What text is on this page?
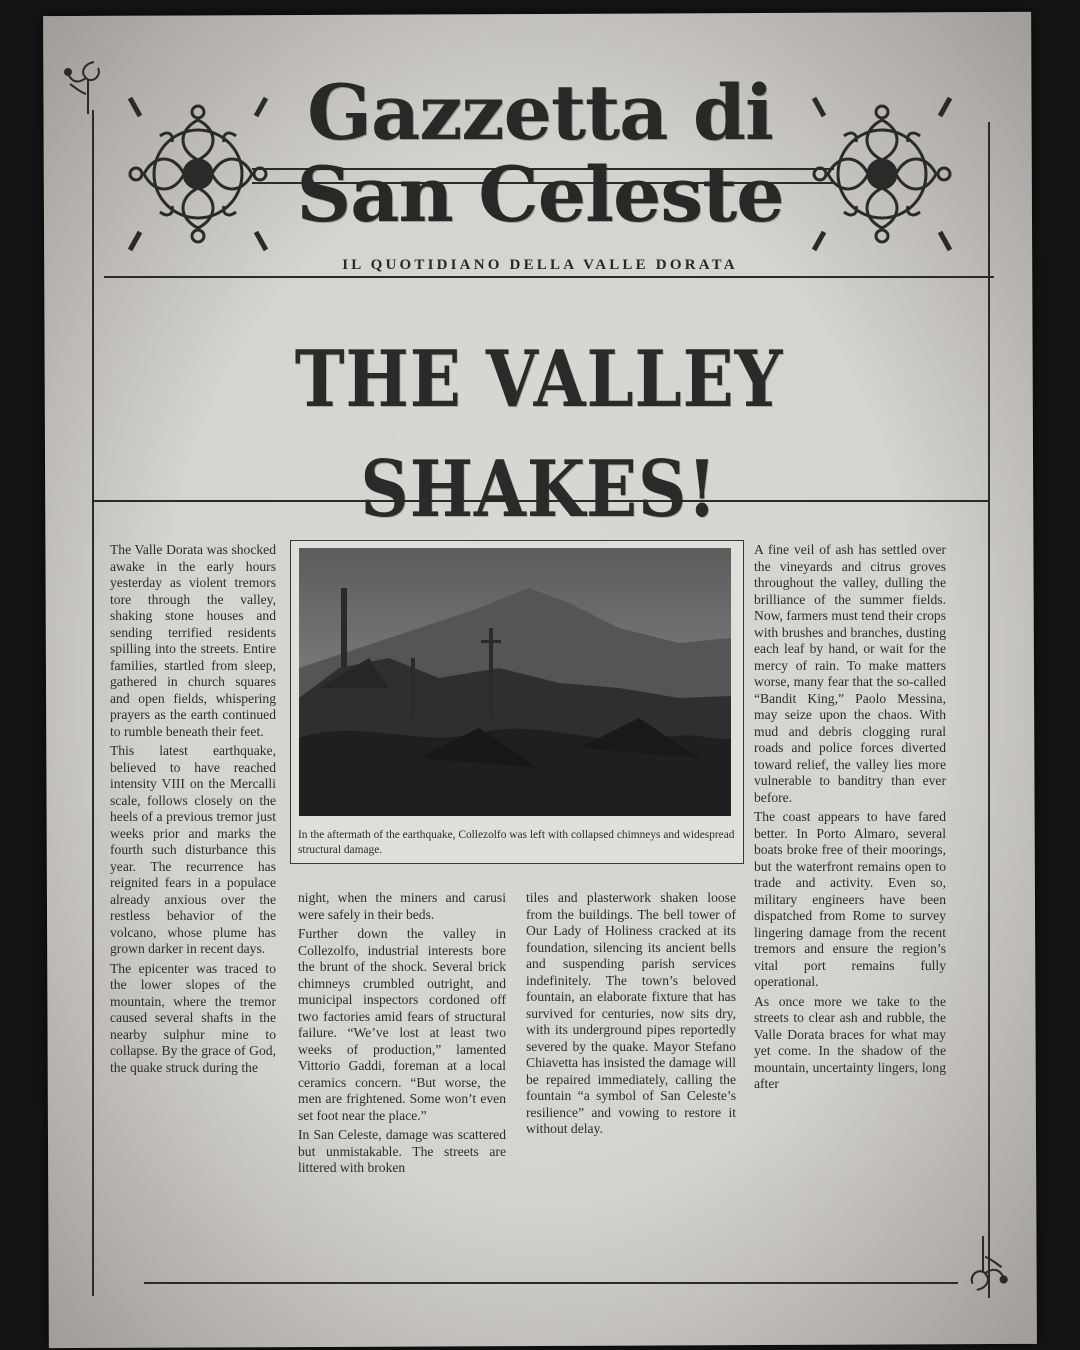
Gazzetta di
San Celeste
IL QUOTIDIANO DELLA VALLE DORATA
THE VALLEY SHAKES!
In the aftermath of the earthquake, Collezolfo was left with collapsed chimneys and widespread structural damage.

The Valle Dorata was shocked awake in the early hours yesterday as violent tremors tore through the valley, shaking stone houses and sending terrified residents spilling into the streets. Entire families, startled from sleep, gathered in church squares and open fields, whispering prayers as the earth continued to rumble beneath their feet.

This latest earthquake, believed to have reached intensity VIII on the Mercalli scale, follows closely on the heels of a previous tremor just weeks prior and marks the fourth such disturbance this year. The recurrence has reignited fears in a populace already anxious over the restless behavior of the volcano, whose plume has grown darker in recent days.

The epicenter was traced to the lower slopes of the mountain, where the tremor caused several shafts in the nearby sulphur mine to collapse. By the grace of God, the quake struck during the

night, when the miners and carusi were safely in their beds.

Further down the valley in Collezolfo, industrial interests bore the brunt of the shock. Several brick chimneys crumbled outright, and municipal inspectors cordoned off two factories amid fears of structural failure. “We’ve lost at least two weeks of production,” lamented Vittorio Gaddi, foreman at a local ceramics concern. “But worse, the men are frightened. Some won’t even set foot near the place.”

In San Celeste, damage was scattered but unmistakable. The streets are littered with broken

tiles and plasterwork shaken loose from the buildings. The bell tower of Our Lady of Holiness cracked at its foundation, silencing its ancient bells and suspending parish services indefinitely. The town’s beloved fountain, an elaborate fixture that has survived for centuries, now sits dry, with its underground pipes reportedly severed by the quake. Mayor Stefano Chiavetta has insisted the damage will be repaired immediately, calling the fountain “a symbol of San Celeste’s resilience” and vowing to restore it without delay.

A fine veil of ash has settled over the vineyards and citrus groves throughout the valley, dulling the brilliance of the summer fields. Now, farmers must tend their crops with brushes and branches, dusting each leaf by hand, or wait for the mercy of rain. To make matters worse, many fear that the so-called “Bandit King,” Paolo Messina, may seize upon the chaos. With mud and debris clogging rural roads and police forces diverted toward relief, the valley lies more vulnerable to banditry than ever before.

The coast appears to have fared better. In Porto Almaro, several boats broke free of their moorings, but the waterfront remains open to trade and activity. Even so, military engineers have been dispatched from Rome to survey lingering damage from the recent tremors and ensure the region’s vital port remains fully operational.

As once more we take to the streets to clear ash and rubble, the Valle Dorata braces for what may yet come. In the shadow of the mountain, uncertainty lingers, long after
